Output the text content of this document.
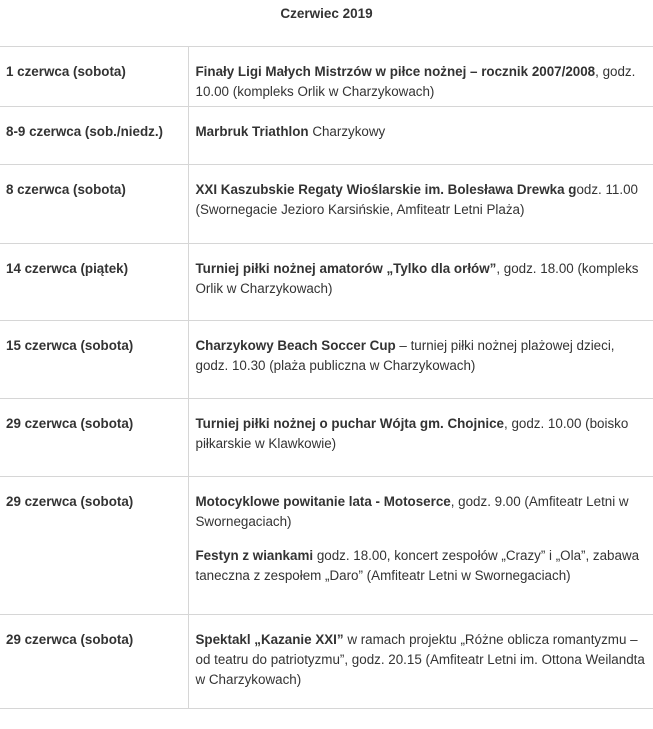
Czerwiec 2019
1 czerwca (sobota)	Finały Ligi Małych Mistrzów w piłce nożnej – rocznik 2007/2008, godz. 10.00 (kompleks Orlik w Charzykowach)

8-9 czerwca (sob./niedz.)	Marbruk Triathlon Charzykowy

8 czerwca (sobota)	XXI Kaszubskie Regaty Wioślarskie im. Bolesława Drewka godz. 11.00 (Swornegacie Jezioro Karsińskie, Amfiteatr Letni Plaża)

14 czerwca (piątek)	Turniej piłki nożnej amatorów „Tylko dla orłów”, godz. 18.00 (kompleks Orlik w Charzykowach)

15 czerwca (sobota)	Charzykowy Beach Soccer Cup – turniej piłki nożnej plażowej dzieci, godz. 10.30 (plaża publiczna w Charzykowach)

29 czerwca (sobota)	Turniej piłki nożnej o puchar Wójta gm. Chojnice, godz. 10.00 (boisko piłkarskie w Klawkowie)

29 czerwca (sobota)	Motocyklowe powitanie lata - Motoserce, godz. 9.00 (Amfiteatr Letni w Swornegaciach)
Festyn z wiankami godz. 18.00, koncert zespołów „Crazy” i „Ola”, zabawa taneczna z zespołem „Daro” (Amfiteatr Letni w Swornegaciach)

29 czerwca (sobota)	Spektakl „Kazanie XXI” w ramach projektu „Różne oblicza romantyzmu – od teatru do patriotyzmu”, godz. 20.15 (Amfiteatr Letni im. Ottona Weilandta w Charzykowach)
